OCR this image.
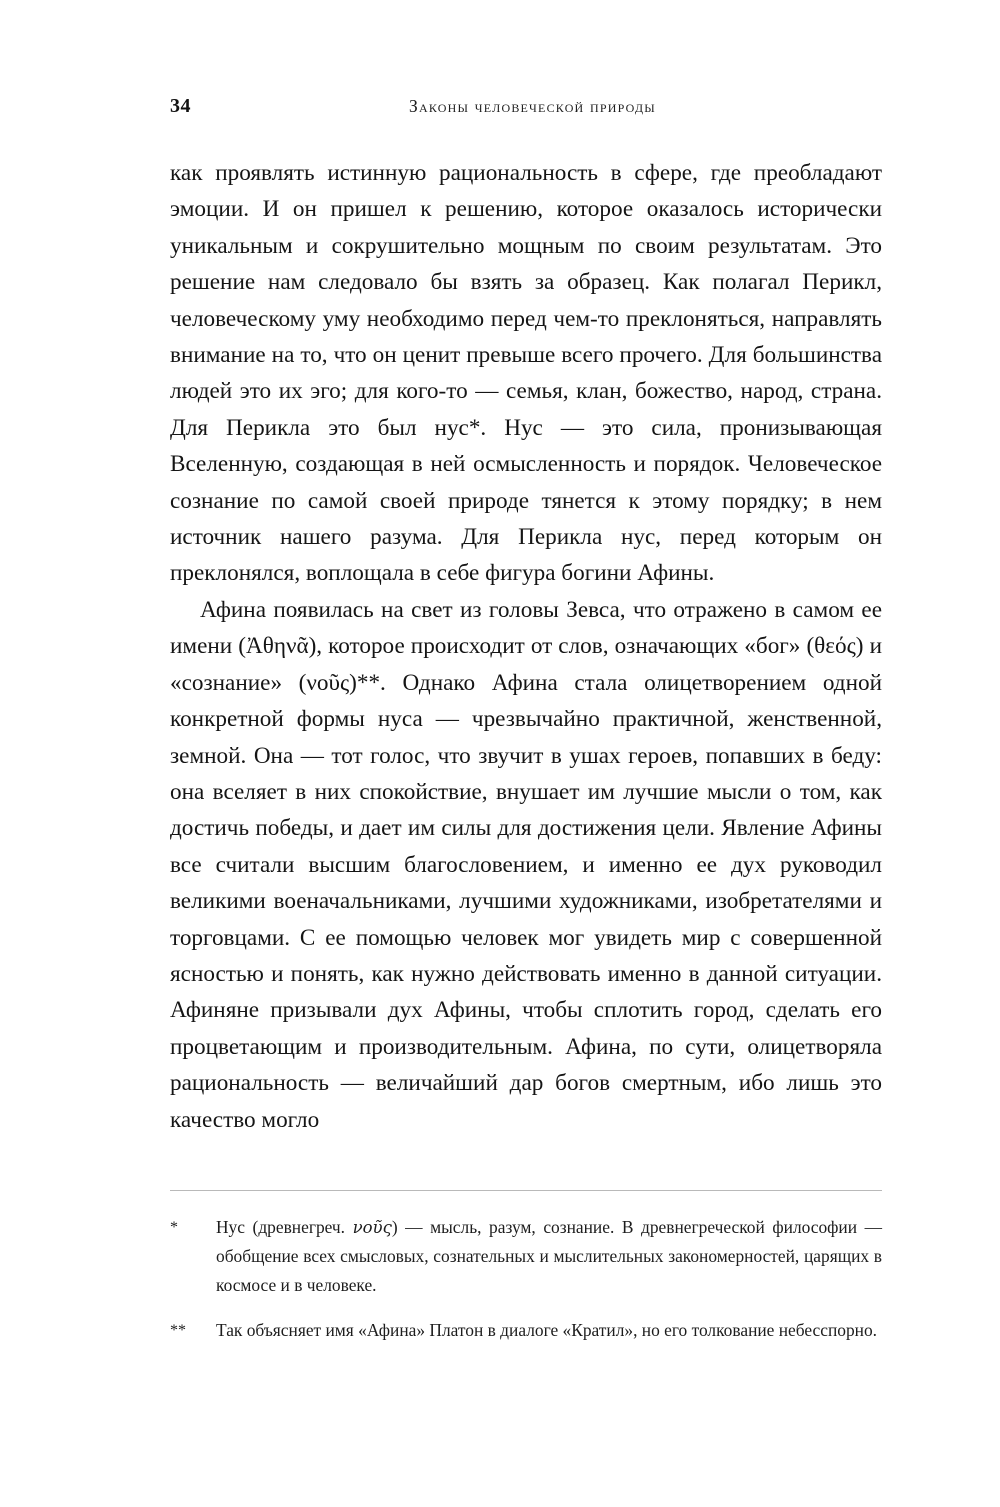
34	законы человеческой природы

как проявлять истинную рациональность в сфере, где преобладают эмоции. И он пришел к решению, которое оказалось исторически уникальным и сокрушительно мощным по своим результатам. Это решение нам следовало бы взять за образец. Как полагал Перикл, человеческому уму необходимо перед чем-то преклоняться, направлять внимание на то, что он ценит превыше всего прочего. Для большинства людей это их эго; для кого-то — семья, клан, божество, народ, страна. Для Перикла это был нус*. Нус — это сила, пронизывающая Вселенную, создающая в ней осмысленность и порядок. Человеческое сознание по самой своей природе тянется к этому порядку; в нем источник нашего разума. Для Перикла нус, перед которым он преклонялся, воплощала в себе фигура богини Афины.

Афина появилась на свет из головы Зевса, что отражено в самом ее имени (Ἀθηνᾶ), которое происходит от слов, означающих «бог» (θεός) и «сознание» (νοῦς)**. Однако Афина стала олицетворением одной конкретной формы нуса — чрезвычайно практичной, женственной, земной. Она — тот голос, что звучит в ушах героев, попавших в беду: она вселяет в них спокойствие, внушает им лучшие мысли о том, как достичь победы, и дает им силы для достижения цели. Явление Афины все считали высшим благословением, и именно ее дух руководил великими военачальниками, лучшими художниками, изобретателями и торговцами. С ее помощью человек мог увидеть мир с совершенной ясностью и понять, как нужно действовать именно в данной ситуации. Афиняне призывали дух Афины, чтобы сплотить город, сделать его процветающим и производительным. Афина, по сути, олицетворяла рациональность — величайший дар богов смертным, ибо лишь это качество могло

*	Нус (древнегреч. νοῦς) — мысль, разум, сознание. В древнегреческой философии — обобщение всех смысловых, сознательных и мыслительных закономерностей, царящих в космосе и в человеке.
**	Так объясняет имя «Афина» Платон в диалоге «Кратил», но его толкование небесспорно.
